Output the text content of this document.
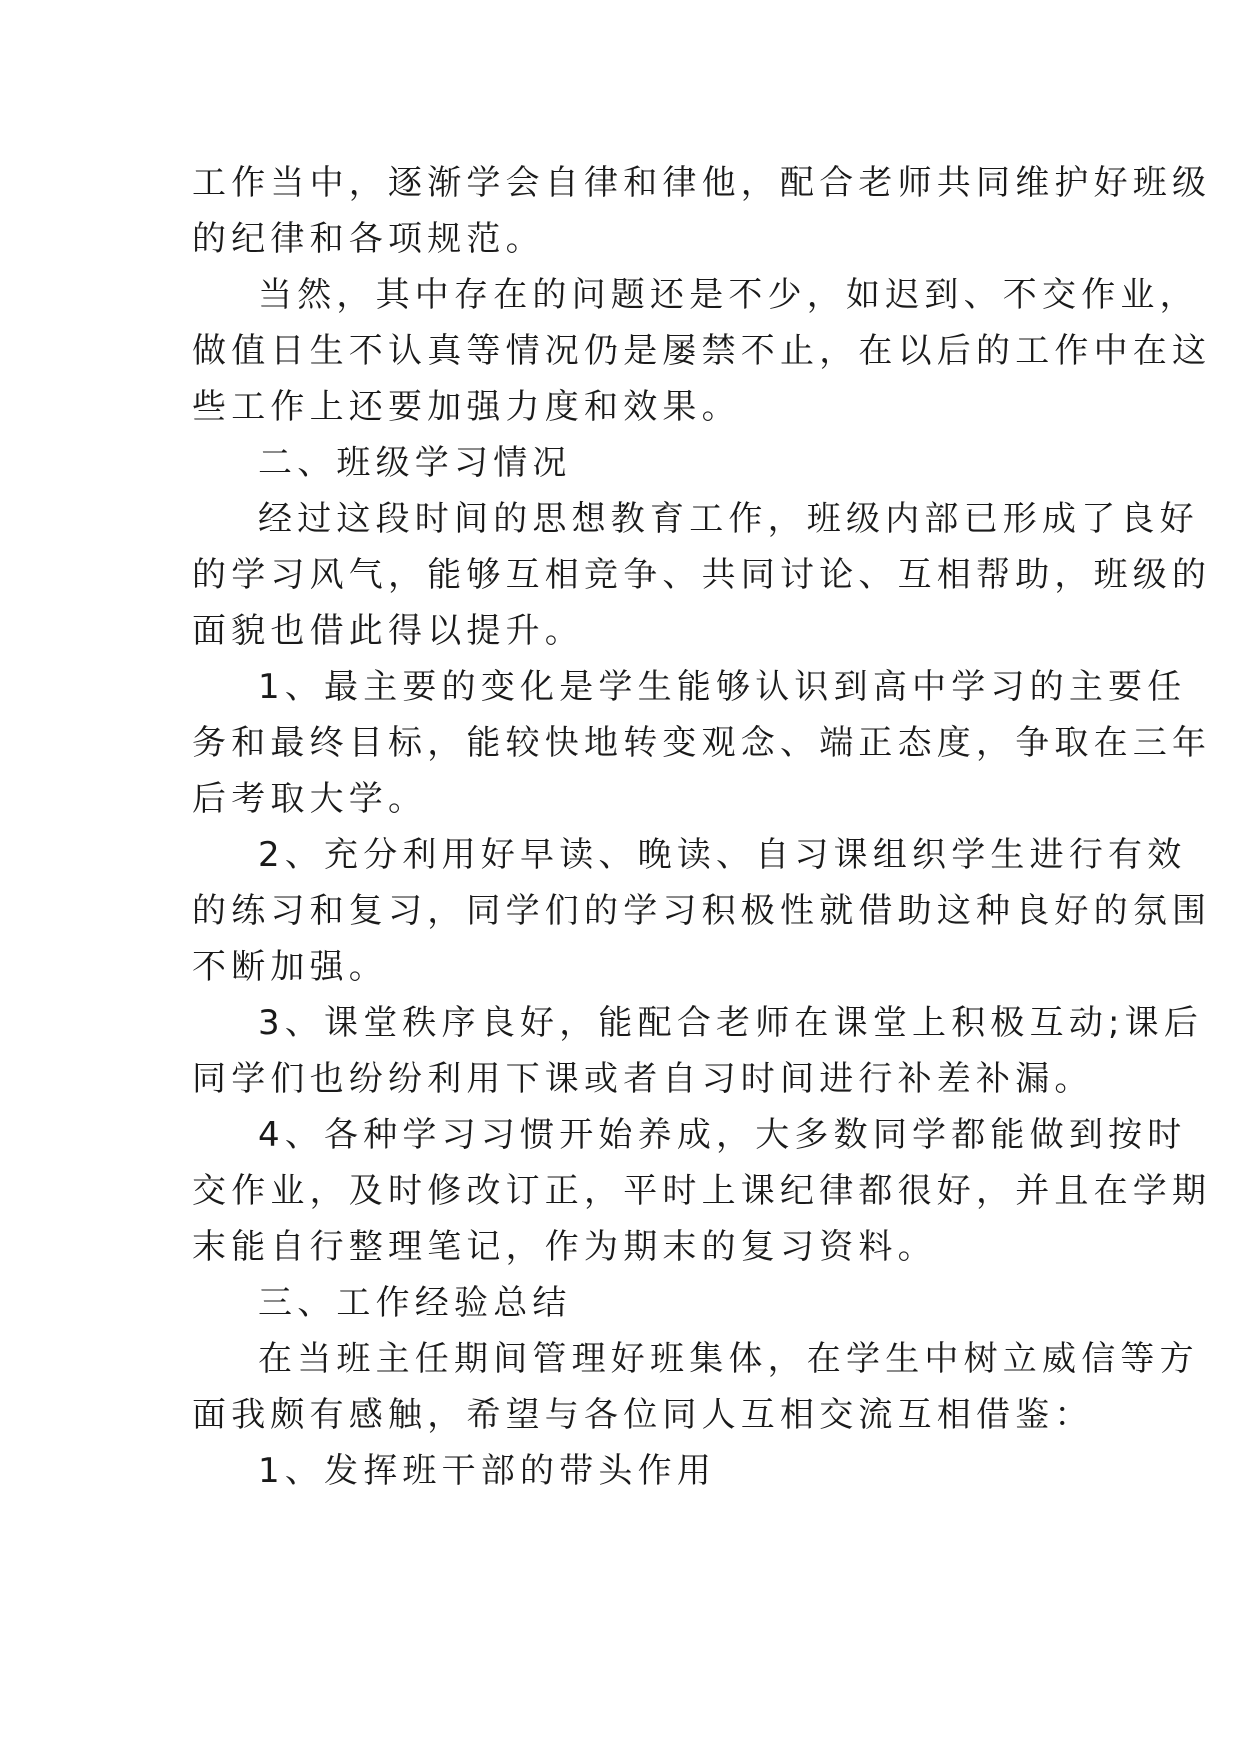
工作当中，逐渐学会自律和律他，配合老师共同维护好班级
的纪律和各项规范。
当然，其中存在的问题还是不少，如迟到、不交作业，
做值日生不认真等情况仍是屡禁不止，在以后的工作中在这
些工作上还要加强力度和效果。
二、班级学习情况
经过这段时间的思想教育工作，班级内部已形成了良好
的学习风气，能够互相竞争、共同讨论、互相帮助，班级的
面貌也借此得以提升。
1、最主要的变化是学生能够认识到高中学习的主要任
务和最终目标，能较快地转变观念、端正态度，争取在三年
后考取大学。
2、充分利用好早读、晚读、自习课组织学生进行有效
的练习和复习，同学们的学习积极性就借助这种良好的氛围
不断加强。
3、课堂秩序良好，能配合老师在课堂上积极互动;课后
同学们也纷纷利用下课或者自习时间进行补差补漏。
4、各种学习习惯开始养成，大多数同学都能做到按时
交作业，及时修改订正，平时上课纪律都很好，并且在学期
末能自行整理笔记，作为期末的复习资料。
三、工作经验总结
在当班主任期间管理好班集体，在学生中树立威信等方
面我颇有感触，希望与各位同人互相交流互相借鉴：
1、发挥班干部的带头作用
